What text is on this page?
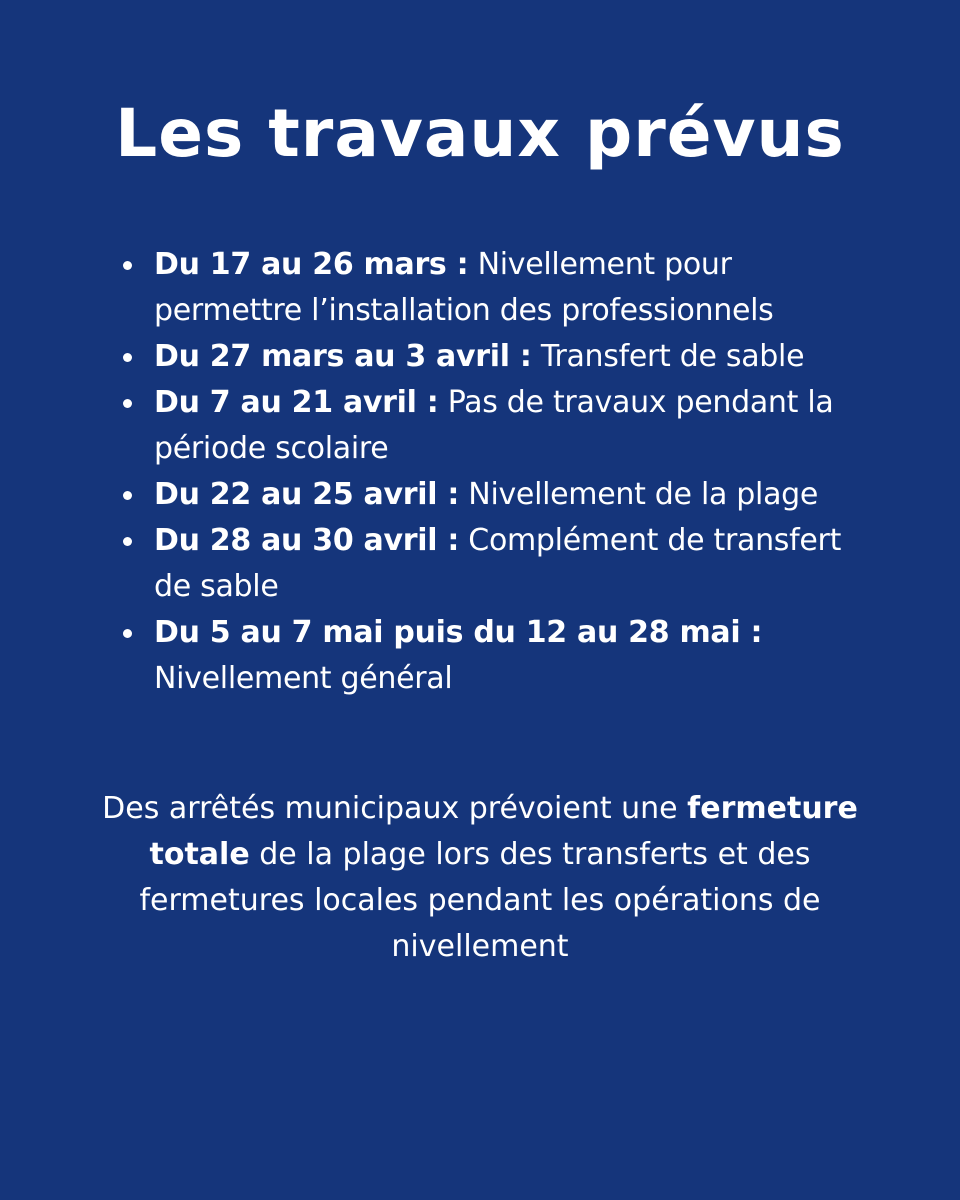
Les travaux prévus
Du 17 au 26 mars : Nivellement pour permettre l’installation des professionnels
Du 27 mars au 3 avril : Transfert de sable
Du 7 au 21 avril : Pas de travaux pendant la période scolaire
Du 22 au 25 avril : Nivellement de la plage
Du 28 au 30 avril : Complément de transfert de sable
Du 5 au 7 mai puis du 12 au 28 mai : Nivellement général

Des arrêtés municipaux prévoient une fermeture totale de la plage lors des transferts et des fermetures locales pendant les opérations de nivellement
